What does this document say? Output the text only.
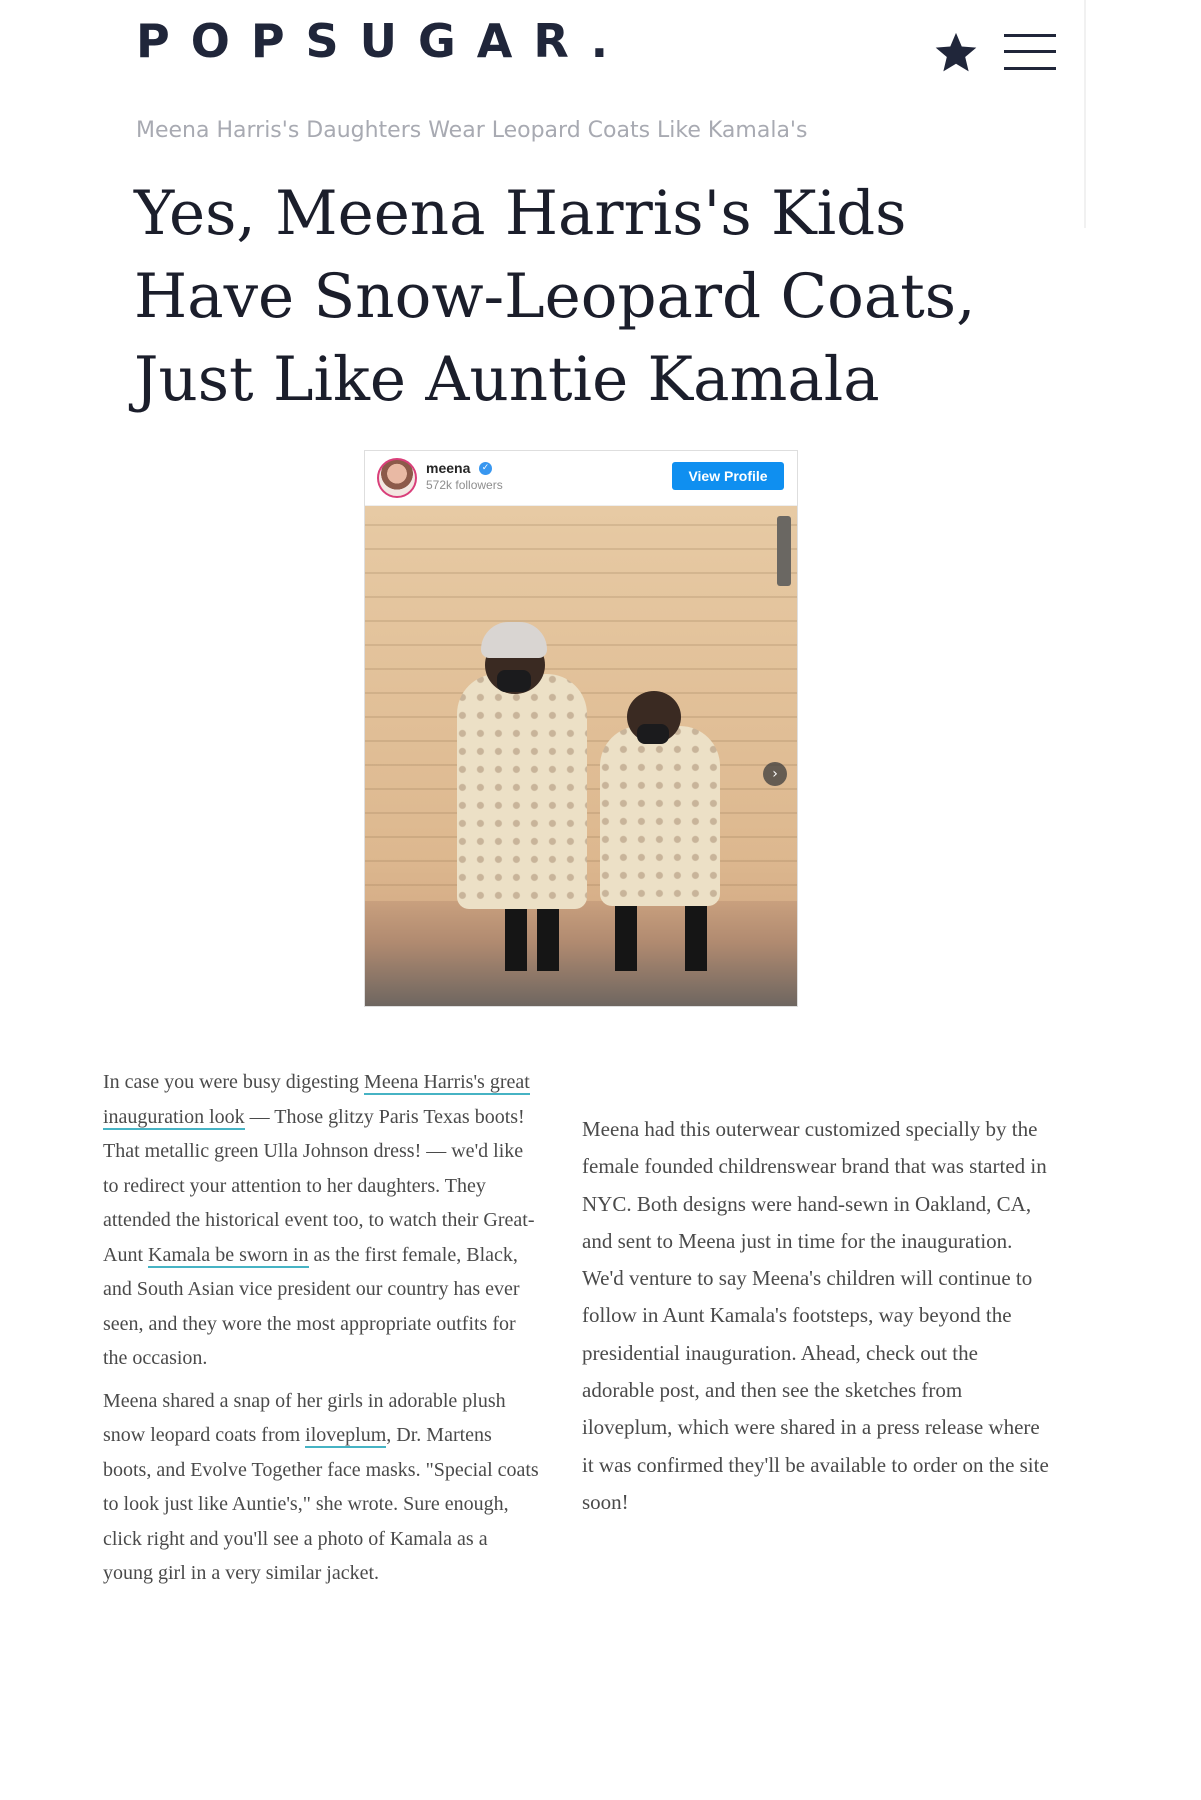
POPSUGAR.
Meena Harris's Daughters Wear Leopard Coats Like Kamala's
Yes, Meena Harris's Kids Have Snow-Leopard Coats, Just Like Auntie Kamala
meena	✓
572k followers
View Profile
›

In case you were busy digesting Meena Harris's great inauguration look — Those glitzy Paris Texas boots! That metallic green Ulla Johnson dress! — we'd like to redirect your attention to her daughters. They attended the historical event too, to watch their Great-Aunt Kamala be sworn in as the first female, Black, and South Asian vice president our country has ever seen, and they wore the most appropriate outfits for the occasion.

Meena shared a snap of her girls in adorable plush snow leopard coats from iloveplum, Dr. Martens boots, and Evolve Together face masks. "Special coats to look just like Auntie's," she wrote. Sure enough, click right and you'll see a photo of Kamala as a young girl in a very similar jacket.

Meena had this outerwear customized specially by the female founded childrenswear brand that was started in NYC. Both designs were hand-sewn in Oakland, CA, and sent to Meena just in time for the inauguration. We'd venture to say Meena's children will continue to follow in Aunt Kamala's footsteps, way beyond the presidential inauguration. Ahead, check out the adorable post, and then see the sketches from iloveplum, which were shared in a press release where it was confirmed they'll be available to order on the site soon!
